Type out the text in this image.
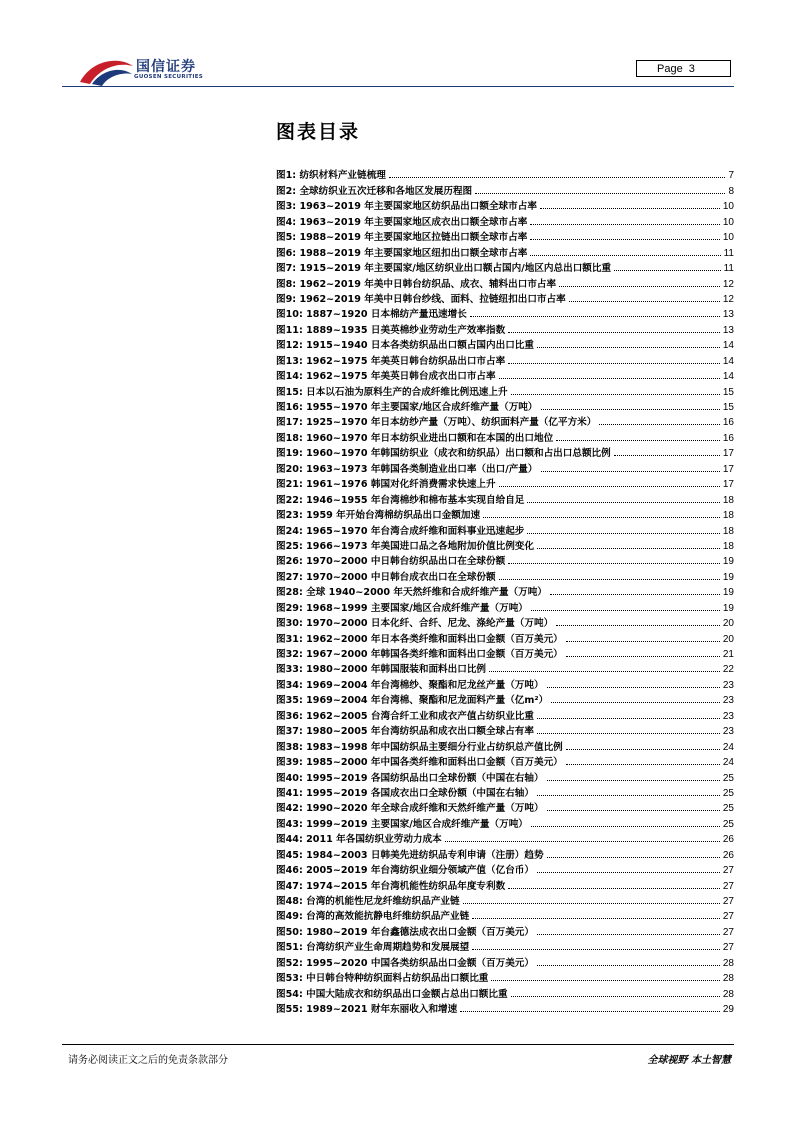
国信证券
GUOSEN SECURITIES
Page 3
图表目录
图1: 纺织材料产业链梳理	7
图2: 全球纺织业五次迁移和各地区发展历程图	8
图3: 1963~2019 年主要国家地区纺织品出口额全球市占率	10
图4: 1963~2019 年主要国家地区成衣出口额全球市占率	10
图5: 1988~2019 年主要国家地区拉链出口额全球市占率	10
图6: 1988~2019 年主要国家地区纽扣出口额全球市占率	11
图7: 1915~2019 年主要国家/地区纺织业出口额占国内/地区内总出口额比重	11
图8: 1962~2019 年美中日韩台纺织品、成衣、辅料出口市占率	12
图9: 1962~2019 年美中日韩台纱线、面料、拉链纽扣出口市占率	12
图10: 1887~1920 日本棉纺产量迅速增长	13
图11: 1889~1935 日美英棉纱业劳动生产效率指数	13
图12: 1915~1940 日本各类纺织品出口额占国内出口比重	14
图13: 1962~1975 年美英日韩台纺织品出口市占率	14
图14: 1962~1975 年美英日韩台成衣出口市占率	14
图15: 日本以石油为原料生产的合成纤维比例迅速上升	15
图16: 1955~1970 年主要国家/地区合成纤维产量（万吨）	15
图17: 1925~1970 年日本纺纱产量（万吨）、纺织面料产量（亿平方米）	16
图18: 1960~1970 年日本纺织业进出口额和在本国的出口地位	16
图19: 1960~1970 年韩国纺织业（成衣和纺织品）出口额和占出口总额比例	17
图20: 1963~1973 年韩国各类制造业出口率（出口/产量）	17
图21: 1961~1976 韩国对化纤消费需求快速上升	17
图22: 1946~1955 年台湾棉纱和棉布基本实现自给自足	18
图23: 1959 年开始台湾棉纺织品出口金额加速	18
图24: 1965~1970 年台湾合成纤维和面料事业迅速起步	18
图25: 1966~1973 年美国进口品之各地附加价值比例变化	18
图26: 1970~2000 中日韩台纺织品出口在全球份额	19
图27: 1970~2000 中日韩台成衣出口在全球份额	19
图28: 全球 1940~2000 年天然纤维和合成纤维产量（万吨）	19
图29: 1968~1999 主要国家/地区合成纤维产量（万吨）	19
图30: 1970~2000 日本化纤、合纤、尼龙、涤纶产量（万吨）	20
图31: 1962~2000 年日本各类纤维和面料出口金额（百万美元）	20
图32: 1967~2000 年韩国各类纤维和面料出口金额（百万美元）	21
图33: 1980~2000 年韩国服装和面料出口比例	22
图34: 1969~2004 年台湾棉纱、聚酯和尼龙丝产量（万吨）	23
图35: 1969~2004 年台湾棉、聚酯和尼龙面料产量（亿m²）	23
图36: 1962~2005 台湾合纤工业和成衣产值占纺织业比重	23
图37: 1980~2005 年台湾纺织品和成衣出口额全球占有率	23
图38: 1983~1998 年中国纺织品主要细分行业占纺织总产值比例	24
图39: 1985~2000 年中国各类纤维和面料出口金额（百万美元）	24
图40: 1995~2019 各国纺织品出口全球份额（中国在右轴）	25
图41: 1995~2019 各国成衣出口全球份额（中国在右轴）	25
图42: 1990~2020 年全球合成纤维和天然纤维产量（万吨）	25
图43: 1999~2019 主要国家/地区合成纤维产量（万吨）	25
图44: 2011 年各国纺织业劳动力成本	26
图45: 1984~2003 日韩美先进纺织品专利申请（注册）趋势	26
图46: 2005~2019 年台湾纺织业细分领域产值（亿台币）	27
图47: 1974~2015 年台湾机能性纺织品年度专利数	27
图48: 台湾的机能性尼龙纤维纺织品产业链	27
图49: 台湾的高效能抗静电纤维纺织品产业链	27
图50: 1980~2019 年台鑫德法成衣出口金额（百万美元）	27
图51: 台湾纺织产业生命周期趋势和发展展望	27
图52: 1995~2020 中国各类纺织品出口金额（百万美元）	28
图53: 中日韩台特种纺织面料占纺织品出口额比重	28
图54: 中国大陆成衣和纺织品出口金额占总出口额比重	28
图55: 1989~2021 财年东丽收入和增速	29
请务必阅读正文之后的免责条款部分	全球视野 本土智慧
